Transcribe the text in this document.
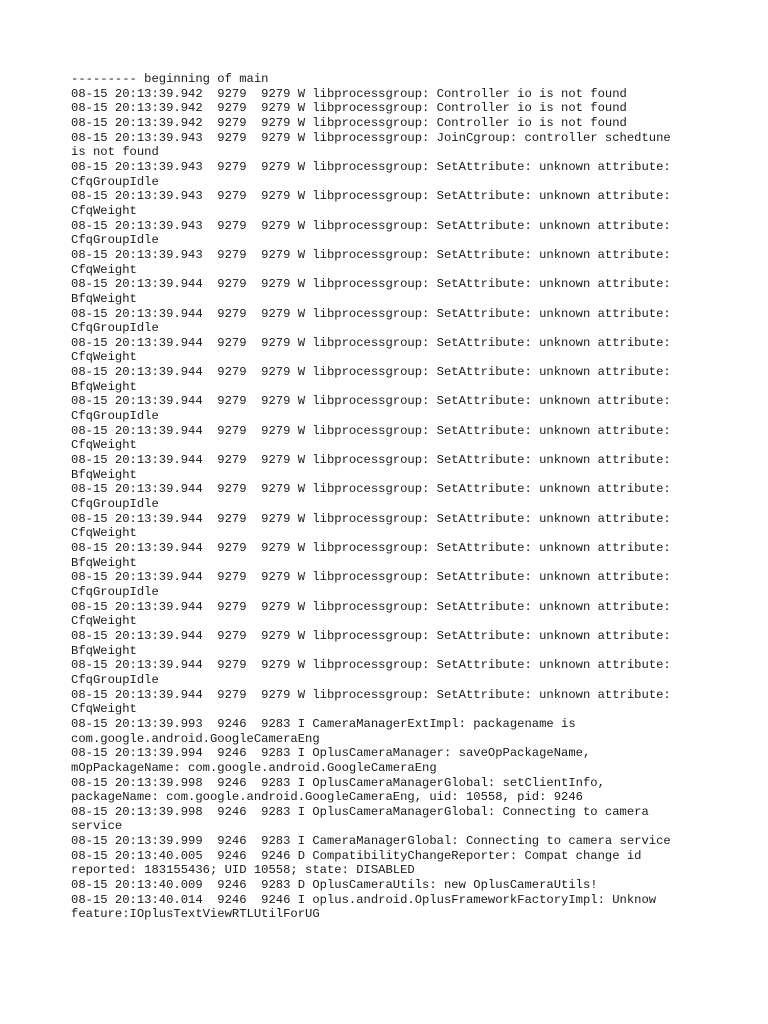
--------- beginning of main
08-15 20:13:39.942  9279  9279 W libprocessgroup: Controller io is not found
08-15 20:13:39.942  9279  9279 W libprocessgroup: Controller io is not found
08-15 20:13:39.942  9279  9279 W libprocessgroup: Controller io is not found
08-15 20:13:39.943  9279  9279 W libprocessgroup: JoinCgroup: controller schedtune
is not found
08-15 20:13:39.943  9279  9279 W libprocessgroup: SetAttribute: unknown attribute:
CfqGroupIdle
08-15 20:13:39.943  9279  9279 W libprocessgroup: SetAttribute: unknown attribute:
CfqWeight
08-15 20:13:39.943  9279  9279 W libprocessgroup: SetAttribute: unknown attribute:
CfqGroupIdle
08-15 20:13:39.943  9279  9279 W libprocessgroup: SetAttribute: unknown attribute:
CfqWeight
08-15 20:13:39.944  9279  9279 W libprocessgroup: SetAttribute: unknown attribute:
BfqWeight
08-15 20:13:39.944  9279  9279 W libprocessgroup: SetAttribute: unknown attribute:
CfqGroupIdle
08-15 20:13:39.944  9279  9279 W libprocessgroup: SetAttribute: unknown attribute:
CfqWeight
08-15 20:13:39.944  9279  9279 W libprocessgroup: SetAttribute: unknown attribute:
BfqWeight
08-15 20:13:39.944  9279  9279 W libprocessgroup: SetAttribute: unknown attribute:
CfqGroupIdle
08-15 20:13:39.944  9279  9279 W libprocessgroup: SetAttribute: unknown attribute:
CfqWeight
08-15 20:13:39.944  9279  9279 W libprocessgroup: SetAttribute: unknown attribute:
BfqWeight
08-15 20:13:39.944  9279  9279 W libprocessgroup: SetAttribute: unknown attribute:
CfqGroupIdle
08-15 20:13:39.944  9279  9279 W libprocessgroup: SetAttribute: unknown attribute:
CfqWeight
08-15 20:13:39.944  9279  9279 W libprocessgroup: SetAttribute: unknown attribute:
BfqWeight
08-15 20:13:39.944  9279  9279 W libprocessgroup: SetAttribute: unknown attribute:
CfqGroupIdle
08-15 20:13:39.944  9279  9279 W libprocessgroup: SetAttribute: unknown attribute:
CfqWeight
08-15 20:13:39.944  9279  9279 W libprocessgroup: SetAttribute: unknown attribute:
BfqWeight
08-15 20:13:39.944  9279  9279 W libprocessgroup: SetAttribute: unknown attribute:
CfqGroupIdle
08-15 20:13:39.944  9279  9279 W libprocessgroup: SetAttribute: unknown attribute:
CfqWeight
08-15 20:13:39.993  9246  9283 I CameraManagerExtImpl: packagename is
com.google.android.GoogleCameraEng
08-15 20:13:39.994  9246  9283 I OplusCameraManager: saveOpPackageName,
mOpPackageName: com.google.android.GoogleCameraEng
08-15 20:13:39.998  9246  9283 I OplusCameraManagerGlobal: setClientInfo,
packageName: com.google.android.GoogleCameraEng, uid: 10558, pid: 9246
08-15 20:13:39.998  9246  9283 I OplusCameraManagerGlobal: Connecting to camera
service
08-15 20:13:39.999  9246  9283 I CameraManagerGlobal: Connecting to camera service
08-15 20:13:40.005  9246  9246 D CompatibilityChangeReporter: Compat change id
reported: 183155436; UID 10558; state: DISABLED
08-15 20:13:40.009  9246  9283 D OplusCameraUtils: new OplusCameraUtils!
08-15 20:13:40.014  9246  9246 I oplus.android.OplusFrameworkFactoryImpl: Unknow
feature:IOplusTextViewRTLUtilForUG
